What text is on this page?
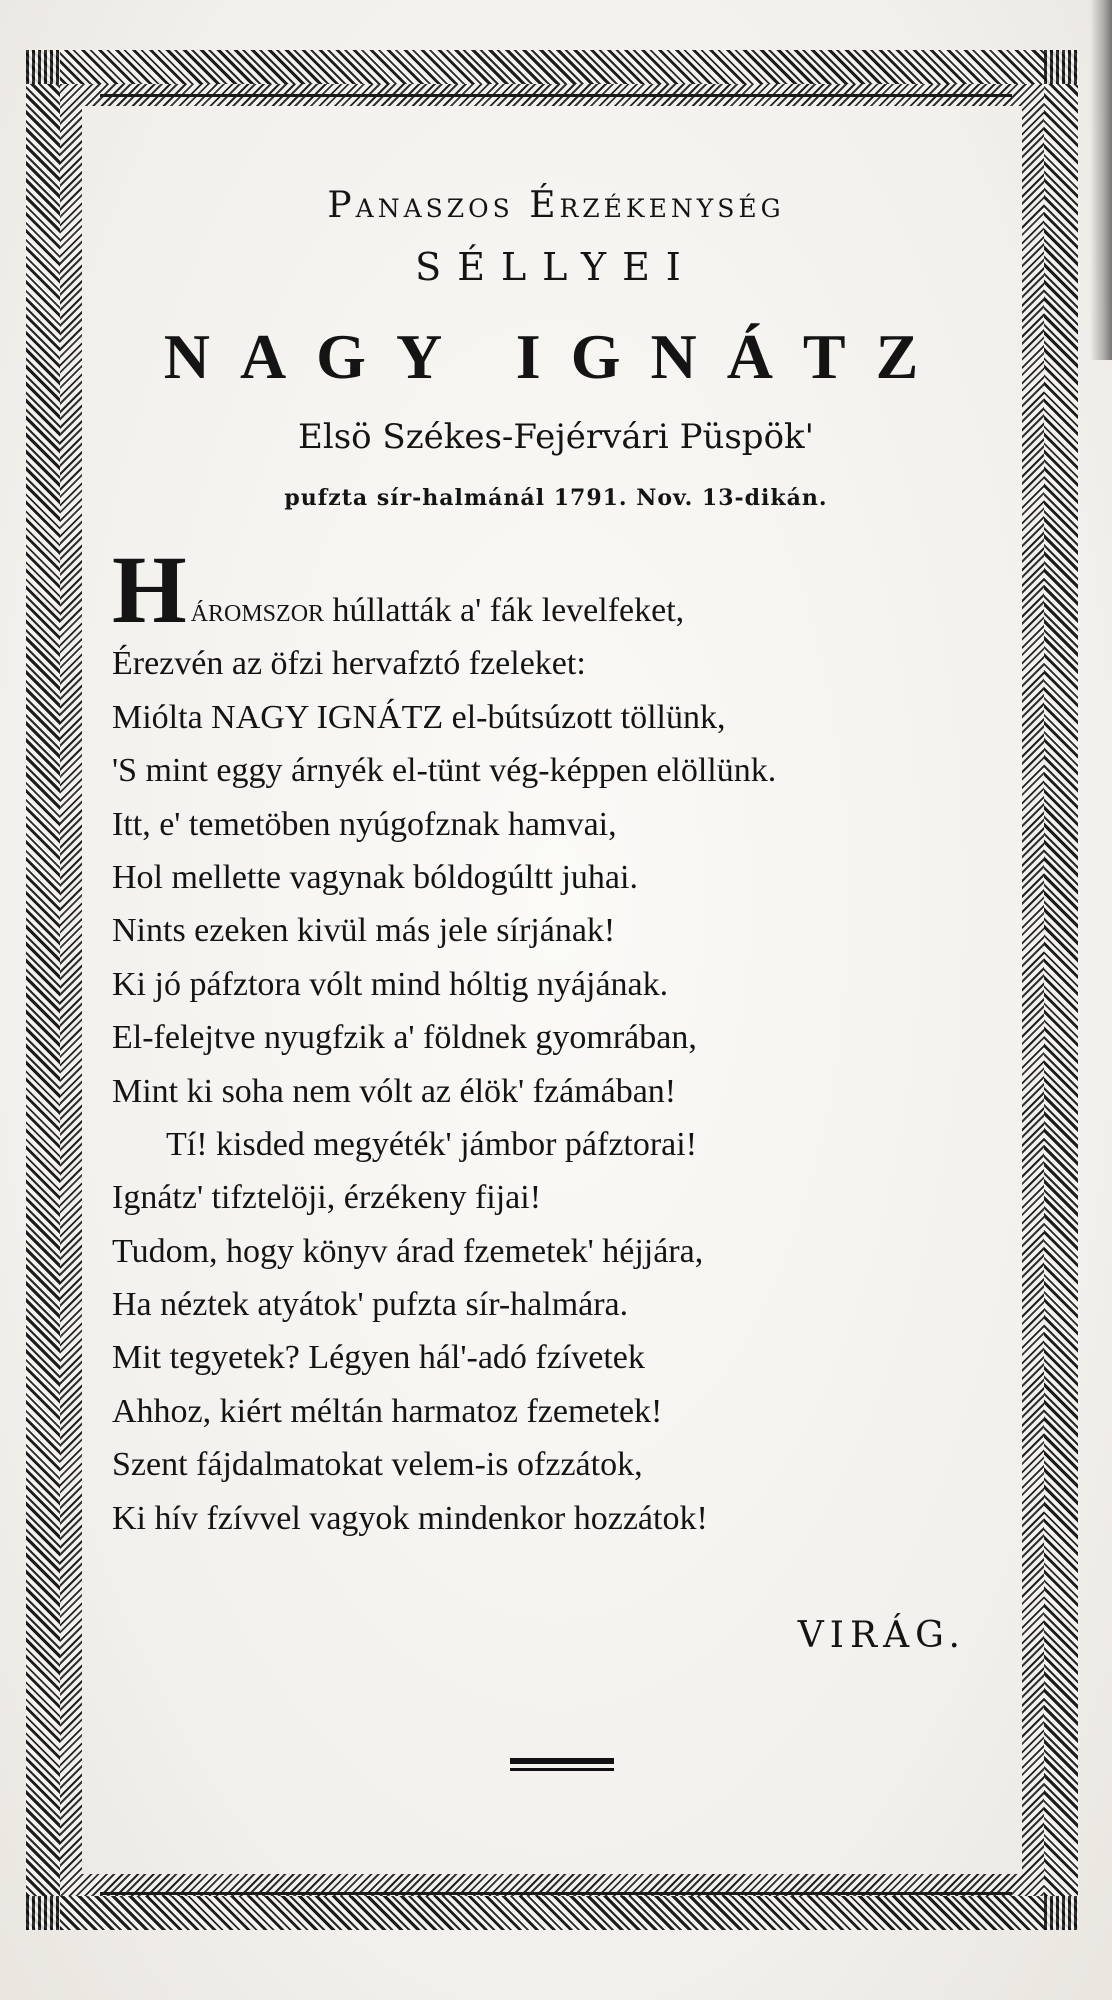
Panaszos Érzékenység
SÉLLYEI
NAGY IGNÁTZ
Elsö Székes-Fejérvári Püspök'
pufzta sír-halmánál 1791. Nov. 13-dikán.
Háromszor húllatták a' fák levelfeket,
Érezvén az öfzi hervafztó fzeleket:
Miólta NAGY IGNÁTZ el-bútsúzott töllünk,
'S mint eggy árnyék el-tünt vég-képpen elöllünk.
Itt, e' temetöben nyúgofznak hamvai,
Hol mellette vagynak bóldogúltt juhai.
Nints ezeken kivül más jele sírjának!
Ki jó páfztora vólt mind hóltig nyájának.
El-felejtve nyugfzik a' földnek gyomrában,
Mint ki soha nem vólt az élök' fzámában!
Tí! kisded megyéték' jámbor páfztorai!
Ignátz' tifztelöji, érzékeny fijai!
Tudom, hogy könyv árad fzemetek' héjjára,
Ha néztek atyátok' pufzta sír-halmára.
Mit tegyetek? Légyen hál'-adó fzívetek
Ahhoz, kiért méltán harmatoz fzemetek!
Szent fájdalmatokat velem-is ofzzátok,
Ki hív fzívvel vagyok mindenkor hozzátok!
VIRÁG.
